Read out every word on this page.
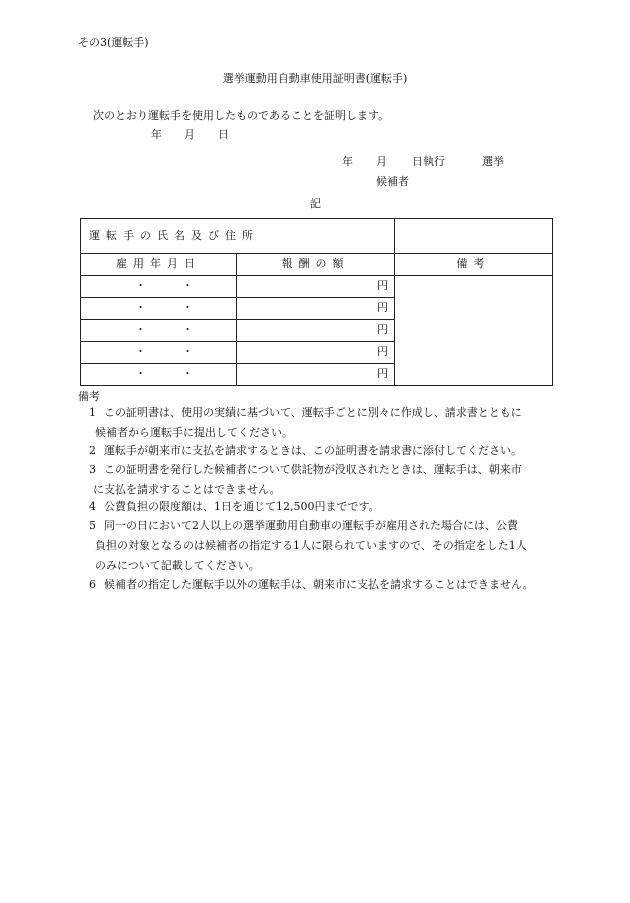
その3(運転手)
選挙運動用自動車使用証明書(運転手)
次のとおり運転手を使用したものであることを証明します。
年 月 日
年 月 日執行	選挙
候補者
記
運転手の氏名及び住所		
雇用年月日	報酬の額	備考

・ ・	円	

・ ・	円	

・ ・	円	

・ ・	円	

・ ・	円	
備考
1 この証明書は、使用の実績に基づいて、運転手ごとに別々に作成し、請求書とともに
候補者から運転手に提出してください。
2 運転手が朝来市に支払を請求するときは、この証明書を請求書に添付してください。
3 この証明書を発行した候補者について供託物が没収されたときは、運転手は、朝来市
に支払を請求することはできません。
4 公費負担の限度額は、1日を通じて12,500円までです。
5 同一の日において2人以上の選挙運動用自動車の運転手が雇用された場合には、公費
負担の対象となるのは候補者の指定する1人に限られていますので、その指定をした1人
のみについて記載してください。
6 候補者の指定した運転手以外の運転手は、朝来市に支払を請求することはできません。
